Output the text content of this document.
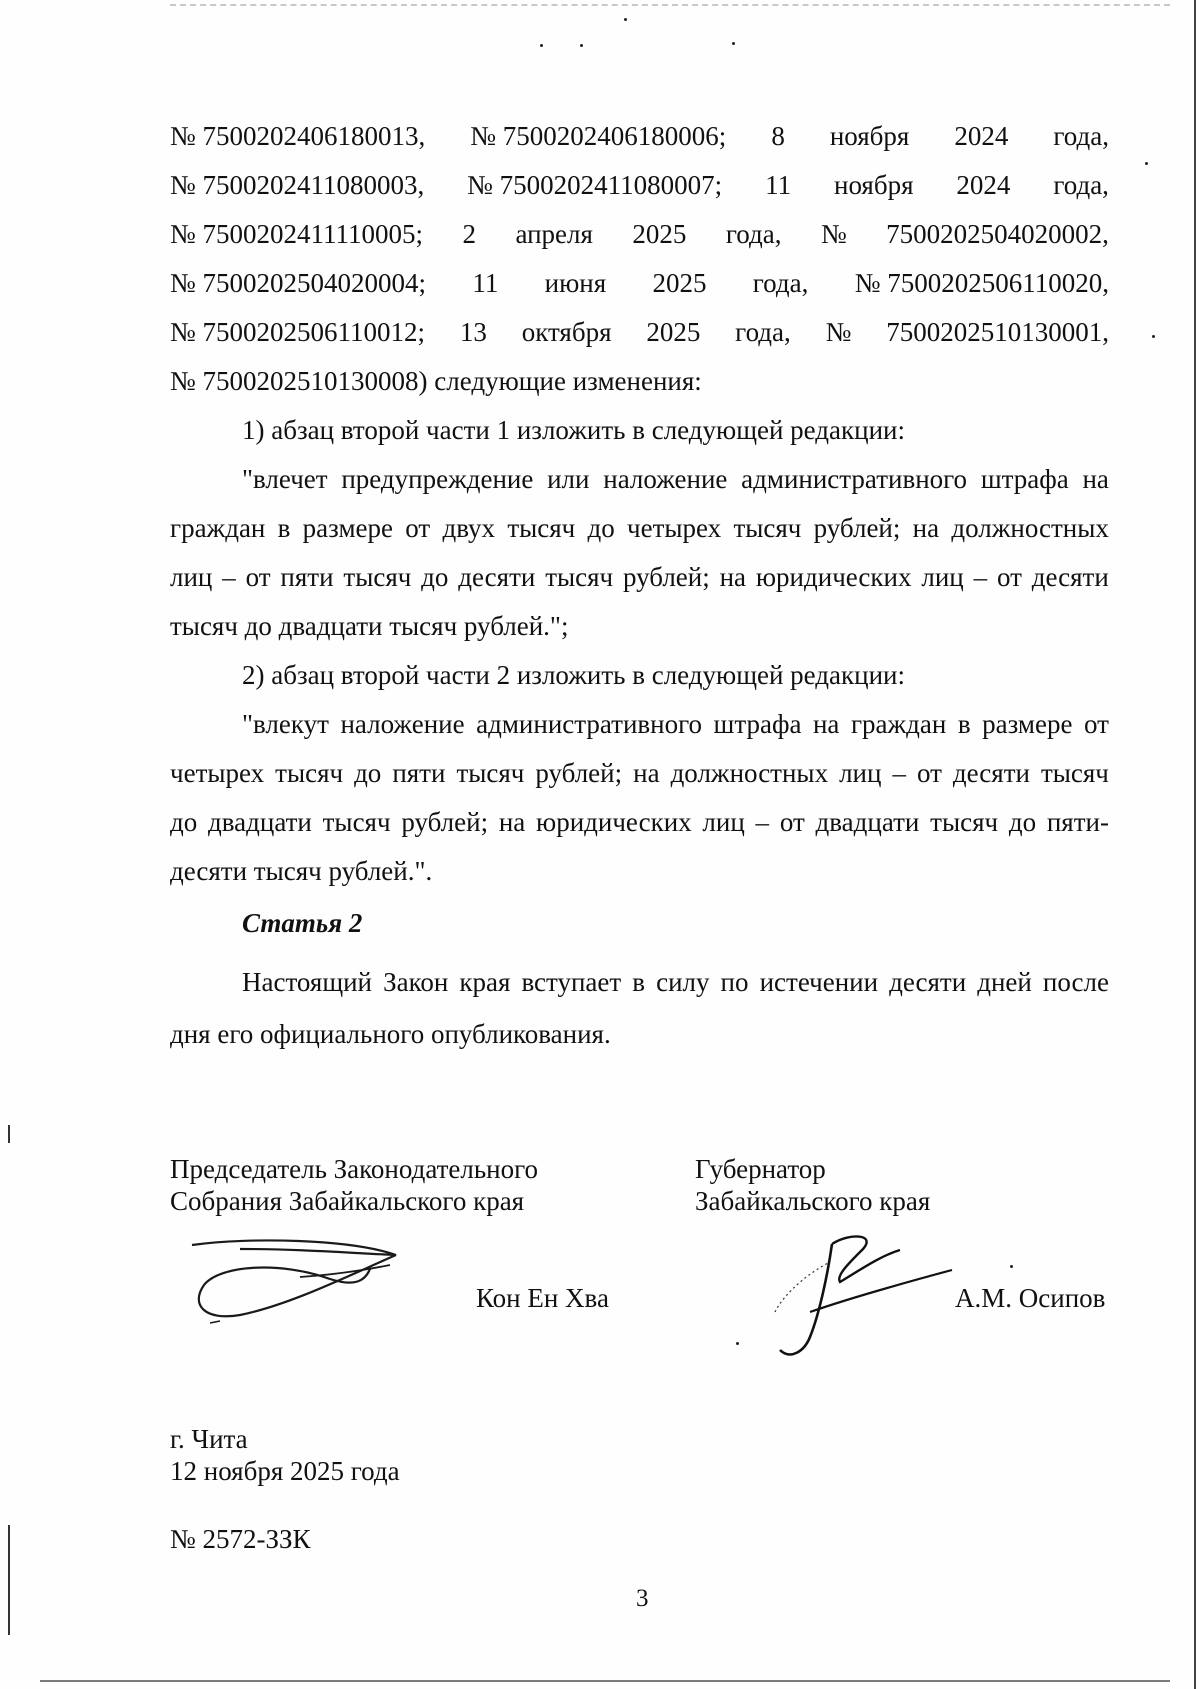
№ 7500202406180013, № 7500202406180006; 8 ноября 2024 года,
№ 7500202411080003, № 7500202411080007; 11 ноября 2024 года,
№ 7500202411110005; 2 апреля 2025 года, № 7500202504020002,
№ 7500202504020004; 11 июня 2025 года, № 7500202506110020,
№ 7500202506110012; 13 октября 2025 года, № 7500202510130001,
№ 7500202510130008) следующие изменения:
1) абзац второй части 1 изложить в следующей редакции:
"влечет предупреждение или наложение административного штрафа на
граждан в размере от двух тысяч до четырех тысяч рублей; на должностных
лиц – от пяти тысяч до десяти тысяч рублей; на юридических лиц – от десяти
тысяч до двадцати тысяч рублей.";
2) абзац второй части 2 изложить в следующей редакции:
"влекут наложение административного штрафа на граждан в размере от
четырех тысяч до пяти тысяч рублей; на должностных лиц – от десяти тысяч
до двадцати тысяч рублей; на юридических лиц – от двадцати тысяч до пяти-
десяти тысяч рублей.".
Статья 2

Настоящий Закон края вступает в силу по истечении десяти дней после дня его официального опубликования.

Председатель Законодательного
Собрания Забайкальского края
Губернатор
Забайкальского края
Кон Ен Хва	А.М. Осипов
г. Чита
12 ноября 2025 года
№ 2572-ЗЗК
3
